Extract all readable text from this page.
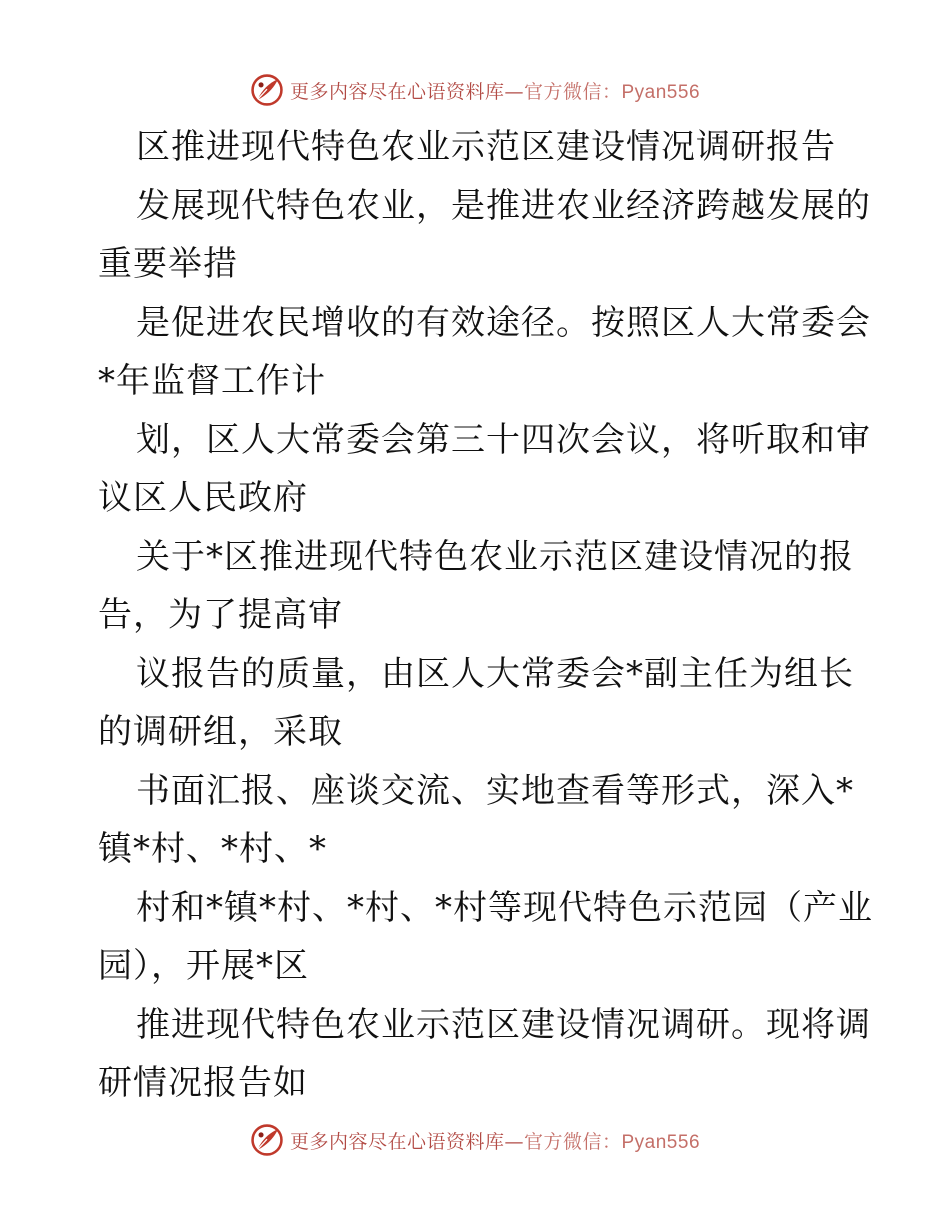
更多内容尽在心语资料库—官方微信：Pyan556

区推进现代特色农业示范区建设情况调研报告

发展现代特色农业，是推进农业经济跨越发展的

重要举措

是促进农民增收的有效途径。按照区人大常委会

*年监督工作计

划，区人大常委会第三十四次会议，将听取和审

议区人民政府

关于*区推进现代特色农业示范区建设情况的报

告，为了提高审

议报告的质量，由区人大常委会*副主任为组长

的调研组，采取

书面汇报、座谈交流、实地查看等形式，深入*

镇*村、*村、*

村和*镇*村、*村、*村等现代特色示范园（产业

园），开展*区

推进现代特色农业示范区建设情况调研。现将调

研情况报告如

更多内容尽在心语资料库—官方微信：Pyan556
